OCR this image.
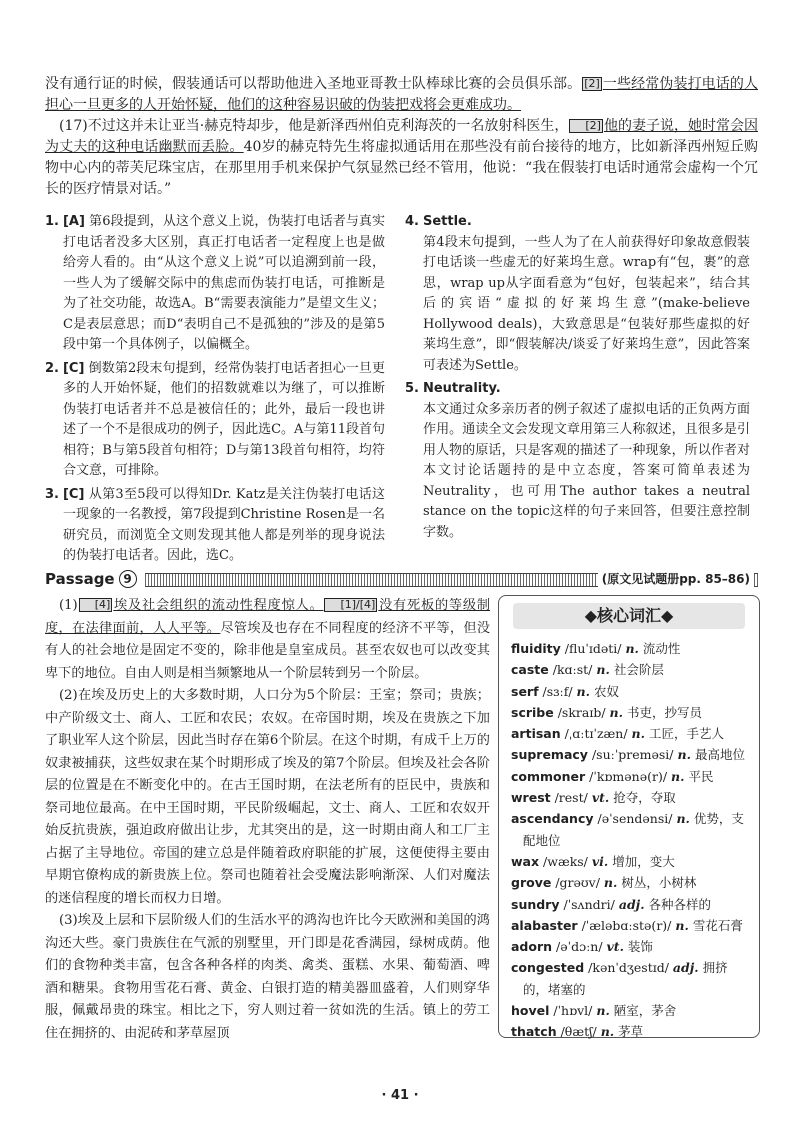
没有通行证的时候，假装通话可以帮助他进入圣地亚哥教士队棒球比赛的会员俱乐部。 [2] 一些经常伪装打电话的人担心一旦更多的人开始怀疑，他们的这种容易识破的伪装把戏将会更难成功。

(17)不过这并未让亚当·赫克特却步，他是新泽西州伯克利海茨的一名放射科医生， [2] 他的妻子说，她时常会因为丈夫的这种电话幽默而丢脸。40岁的赫克特先生将虚拟通话用在那些没有前台接待的地方，比如新泽西州短丘购物中心内的蒂芙尼珠宝店，在那里用手机来保护气氛显然已经不管用，他说：“我在假装打电话时通常会虚构一个冗长的医疗情景对话。”

1. [A] 第6段提到，从这个意义上说，伪装打电话者与真实打电话者没多大区别，真正打电话者一定程度上也是做给旁人看的。由“从这个意义上说”可以追溯到前一段，一些人为了缓解交际中的焦虑而伪装打电话，可推断是为了社交功能，故选A。B“需要表演能力”是望文生义；C是表层意思；而D“表明自己不是孤独的”涉及的是第5段中第一个具体例子，以偏概全。
2. [C] 倒数第2段末句提到，经常伪装打电话者担心一旦更多的人开始怀疑，他们的招数就难以为继了，可以推断伪装打电话者并不总是被信任的；此外，最后一段也讲述了一个不是很成功的例子，因此选C。A与第11段首句相符；B与第5段首句相符；D与第13段首句相符，均符合文意，可排除。
3. [C] 从第3至5段可以得知Dr. Katz是关注伪装打电话这一现象的一名教授，第7段提到Christine Rosen是一名研究员，而浏览全文则发现其他人都是列举的现身说法的伪装打电话者。因此，选C。
4. Settle.
第4段末句提到，一些人为了在人前获得好印象故意假装打电话谈一些虚无的好莱坞生意。wrap有“包，裹”的意思，wrap up从字面看意为“包好，包装起来”，结合其后的宾语“虚拟的好莱坞生意”(make-believe Hollywood deals)，大致意思是“包装好那些虚拟的好莱坞生意”，即“假装解决/谈妥了好莱坞生意”，因此答案可表述为Settle。
5. Neutrality.
本文通过众多亲历者的例子叙述了虚拟电话的正负两方面作用。通读全文会发现文章用第三人称叙述，且很多是引用人物的原话，只是客观的描述了一种现象，所以作者对本文讨论话题持的是中立态度，答案可简单表述为Neutrality，也可用The author takes a neutral stance on the topic这样的句子来回答，但要注意控制字数。
Passage 9	(原文见试题册pp. 85–86)

(1) [4] 埃及社会组织的流动性程度惊人。 [1]/[4] 没有死板的等级制度，在法律面前，人人平等。尽管埃及也存在不同程度的经济不平等，但没有人的社会地位是固定不变的，除非他是皇室成员。甚至农奴也可以改变其卑下的地位。自由人则是相当频繁地从一个阶层转到另一个阶层。

(2)在埃及历史上的大多数时期，人口分为5个阶层：王室；祭司；贵族；中产阶级文士、商人、工匠和农民；农奴。在帝国时期，埃及在贵族之下加了职业军人这个阶层，因此当时存在第6个阶层。在这个时期，有成千上万的奴隶被捕获，这些奴隶在某个时期形成了埃及的第7个阶层。但埃及社会各阶层的位置是在不断变化中的。在古王国时期，在法老所有的臣民中，贵族和祭司地位最高。在中王国时期，平民阶级崛起，文士、商人、工匠和农奴开始反抗贵族，强迫政府做出让步，尤其突出的是，这一时期由商人和工厂主占据了主导地位。帝国的建立总是伴随着政府职能的扩展，这便使得主要由早期官僚构成的新贵族上位。祭司也随着社会受魔法影响渐深、人们对魔法的迷信程度的增长而权力日增。

(3)埃及上层和下层阶级人们的生活水平的鸿沟也许比今天欧洲和美国的鸿沟还大些。豪门贵族住在气派的别墅里，开门即是花香满园，绿树成荫。他们的食物种类丰富，包含各种各样的肉类、禽类、蛋糕、水果、葡萄酒、啤酒和糖果。食物用雪花石膏、黄金、白银打造的精美器皿盛着，人们则穿华服，佩戴昂贵的珠宝。相比之下，穷人则过着一贫如洗的生活。镇上的劳工住在拥挤的、由泥砖和茅草屋顶

◆核心词汇◆
fluidity /fluˈɪdəti/ n. 流动性
caste /kɑːst/ n. 社会阶层
serf /sɜːf/ n. 农奴
scribe /skraɪb/ n. 书吏，抄写员
artisan /ˌɑːtɪˈzæn/ n. 工匠，手艺人
supremacy /suːˈpreməsi/ n. 最高地位
commoner /ˈkɒmənə(r)/ n. 平民
wrest /rest/ vt. 抢夺，夺取
ascendancy /əˈsendənsi/ n. 优势，支配地位
wax /wæks/ vi. 增加，变大
grove /grəʊv/ n. 树丛，小树林
sundry /ˈsʌndri/ adj. 各种各样的
alabaster /ˈæləbɑːstə(r)/ n. 雪花石膏
adorn /əˈdɔːn/ vt. 装饰
congested /kənˈdʒestɪd/ adj. 拥挤的，堵塞的
hovel /ˈhɒvl/ n. 陋室，茅舍
thatch /θætʃ/ n. 茅草
· 41 ·
